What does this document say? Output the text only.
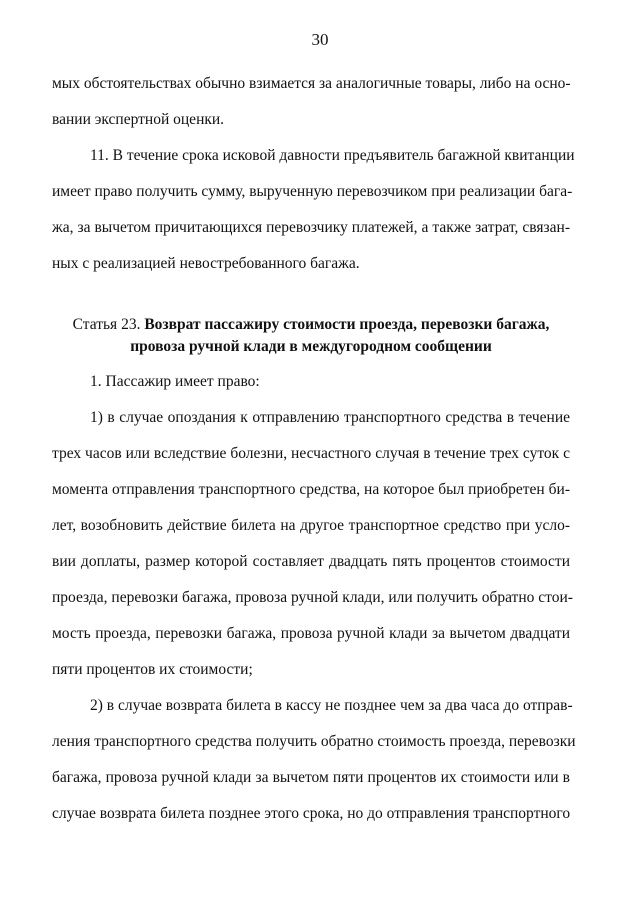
30
мых обстоятельствах обычно взимается за аналогичные товары, либо на осно-
вании экспертной оценки.
11. В течение срока исковой давности предъявитель багажной квитанции
имеет право получить сумму, вырученную перевозчиком при реализации бага-
жа, за вычетом причитающихся перевозчику платежей, а также затрат, связан-
ных с реализацией невостребованного багажа.
Статья 23. Возврат пассажиру стоимости проезда, перевозки багажа,
провоза ручной клади в междугородном сообщении
1. Пассажир имеет право:
1) в случае опоздания к отправлению транспортного средства в течение
трех часов или вследствие болезни, несчастного случая в течение трех суток с
момента отправления транспортного средства, на которое был приобретен би-
лет, возобновить действие билета на другое транспортное средство при усло-
вии доплаты, размер которой составляет двадцать пять процентов стоимости
проезда, перевозки багажа, провоза ручной клади, или получить обратно стои-
мость проезда, перевозки багажа, провоза ручной клади за вычетом двадцати
пяти процентов их стоимости;
2) в случае возврата билета в кассу не позднее чем за два часа до отправ-
ления транспортного средства получить обратно стоимость проезда, перевозки
багажа, провоза ручной клади за вычетом пяти процентов их стоимости или в
случае возврата билета позднее этого срока, но до отправления транспортного
